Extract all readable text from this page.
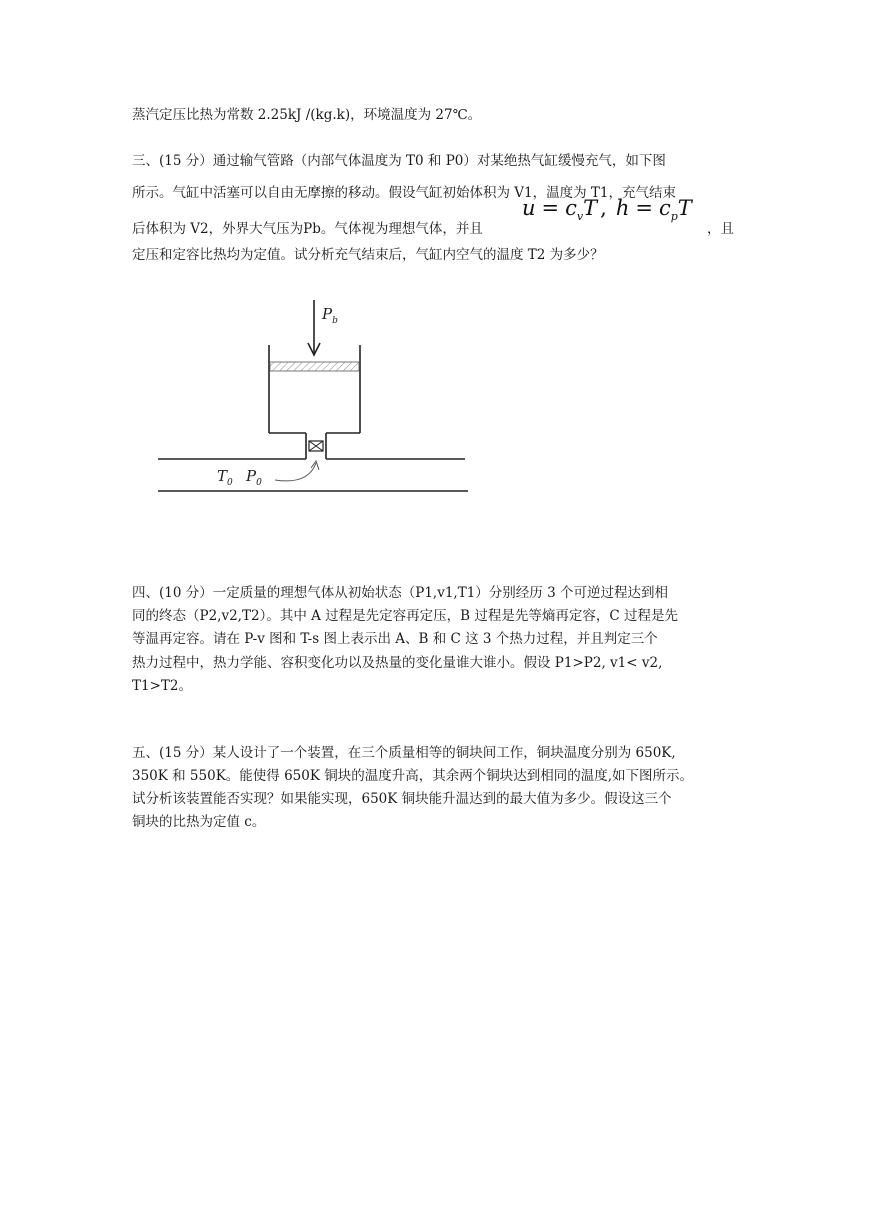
蒸汽定压比热为常数 2.25kJ /(kg.k)，环境温度为 27℃。
三、(15 分）通过输气管路（内部气体温度为 T0 和 P0）对某绝热气缸缓慢充气，如下图
所示。气缸中活塞可以自由无摩擦的移动。假设气缸初始体积为 V1，温度为 T1，充气结束
后体积为 V2，外界大气压为Pb。气体视为理想气体，并且	，且
$u = c_vT$ , $h = c_pT$
定压和定容比热均为定值。试分析充气结束后，气缸内空气的温度 T2 为多少？
$P_b$
$T_0$ $P_0$
四、(10 分）一定质量的理想气体从初始状态（P1,v1,T1）分别经历 3 个可逆过程达到相
同的终态（P2,v2,T2）。其中 A 过程是先定容再定压，B 过程是先等熵再定容，C 过程是先
等温再定容。请在 P-v 图和 T-s 图上表示出 A、B 和 C 这 3 个热力过程，并且判定三个
热力过程中，热力学能、容积变化功以及热量的变化量谁大谁小。假设 P1>P2, v1< v2,
T1>T2。
五、(15 分）某人设计了一个装置，在三个质量相等的铜块间工作，铜块温度分别为 650K,
350K 和 550K。能使得 650K 铜块的温度升高，其余两个铜块达到相同的温度,如下图所示。
试分析该装置能否实现？如果能实现，650K 铜块能升温达到的最大值为多少。假设这三个
铜块的比热为定值 c。
